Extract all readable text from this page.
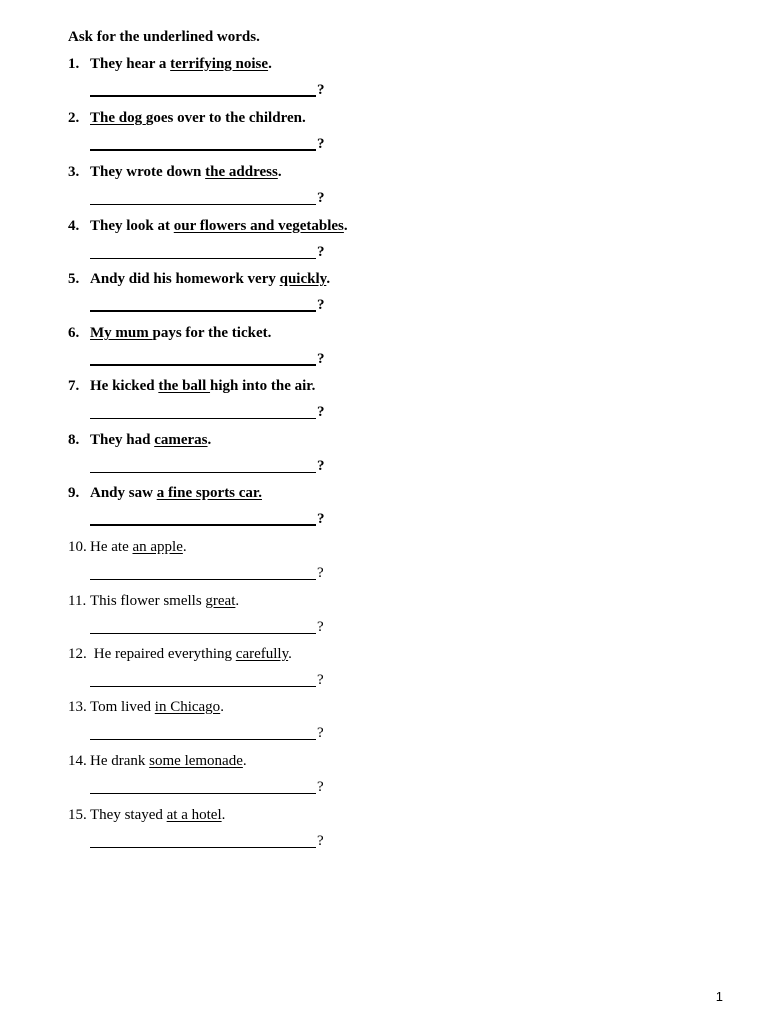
Ask for the underlined words.
1. They hear a terrifying noise.
?
2. The dog goes over to the children.
?
3. They wrote down the address.
?
4. They look at our flowers and vegetables.
?
5. Andy did his homework very quickly.
?
6. My mum pays for the ticket.
?
7. He kicked the ball high into the air.
?
8. They had cameras.
?
9. Andy saw a fine sports car.
?
10. He ate an apple.
?
11. This flower smells great.
?
12. He repaired everything carefully.
?
13. Tom lived in Chicago.
?
14. He drank some lemonade.
?
15. They stayed at a hotel.
?
1
